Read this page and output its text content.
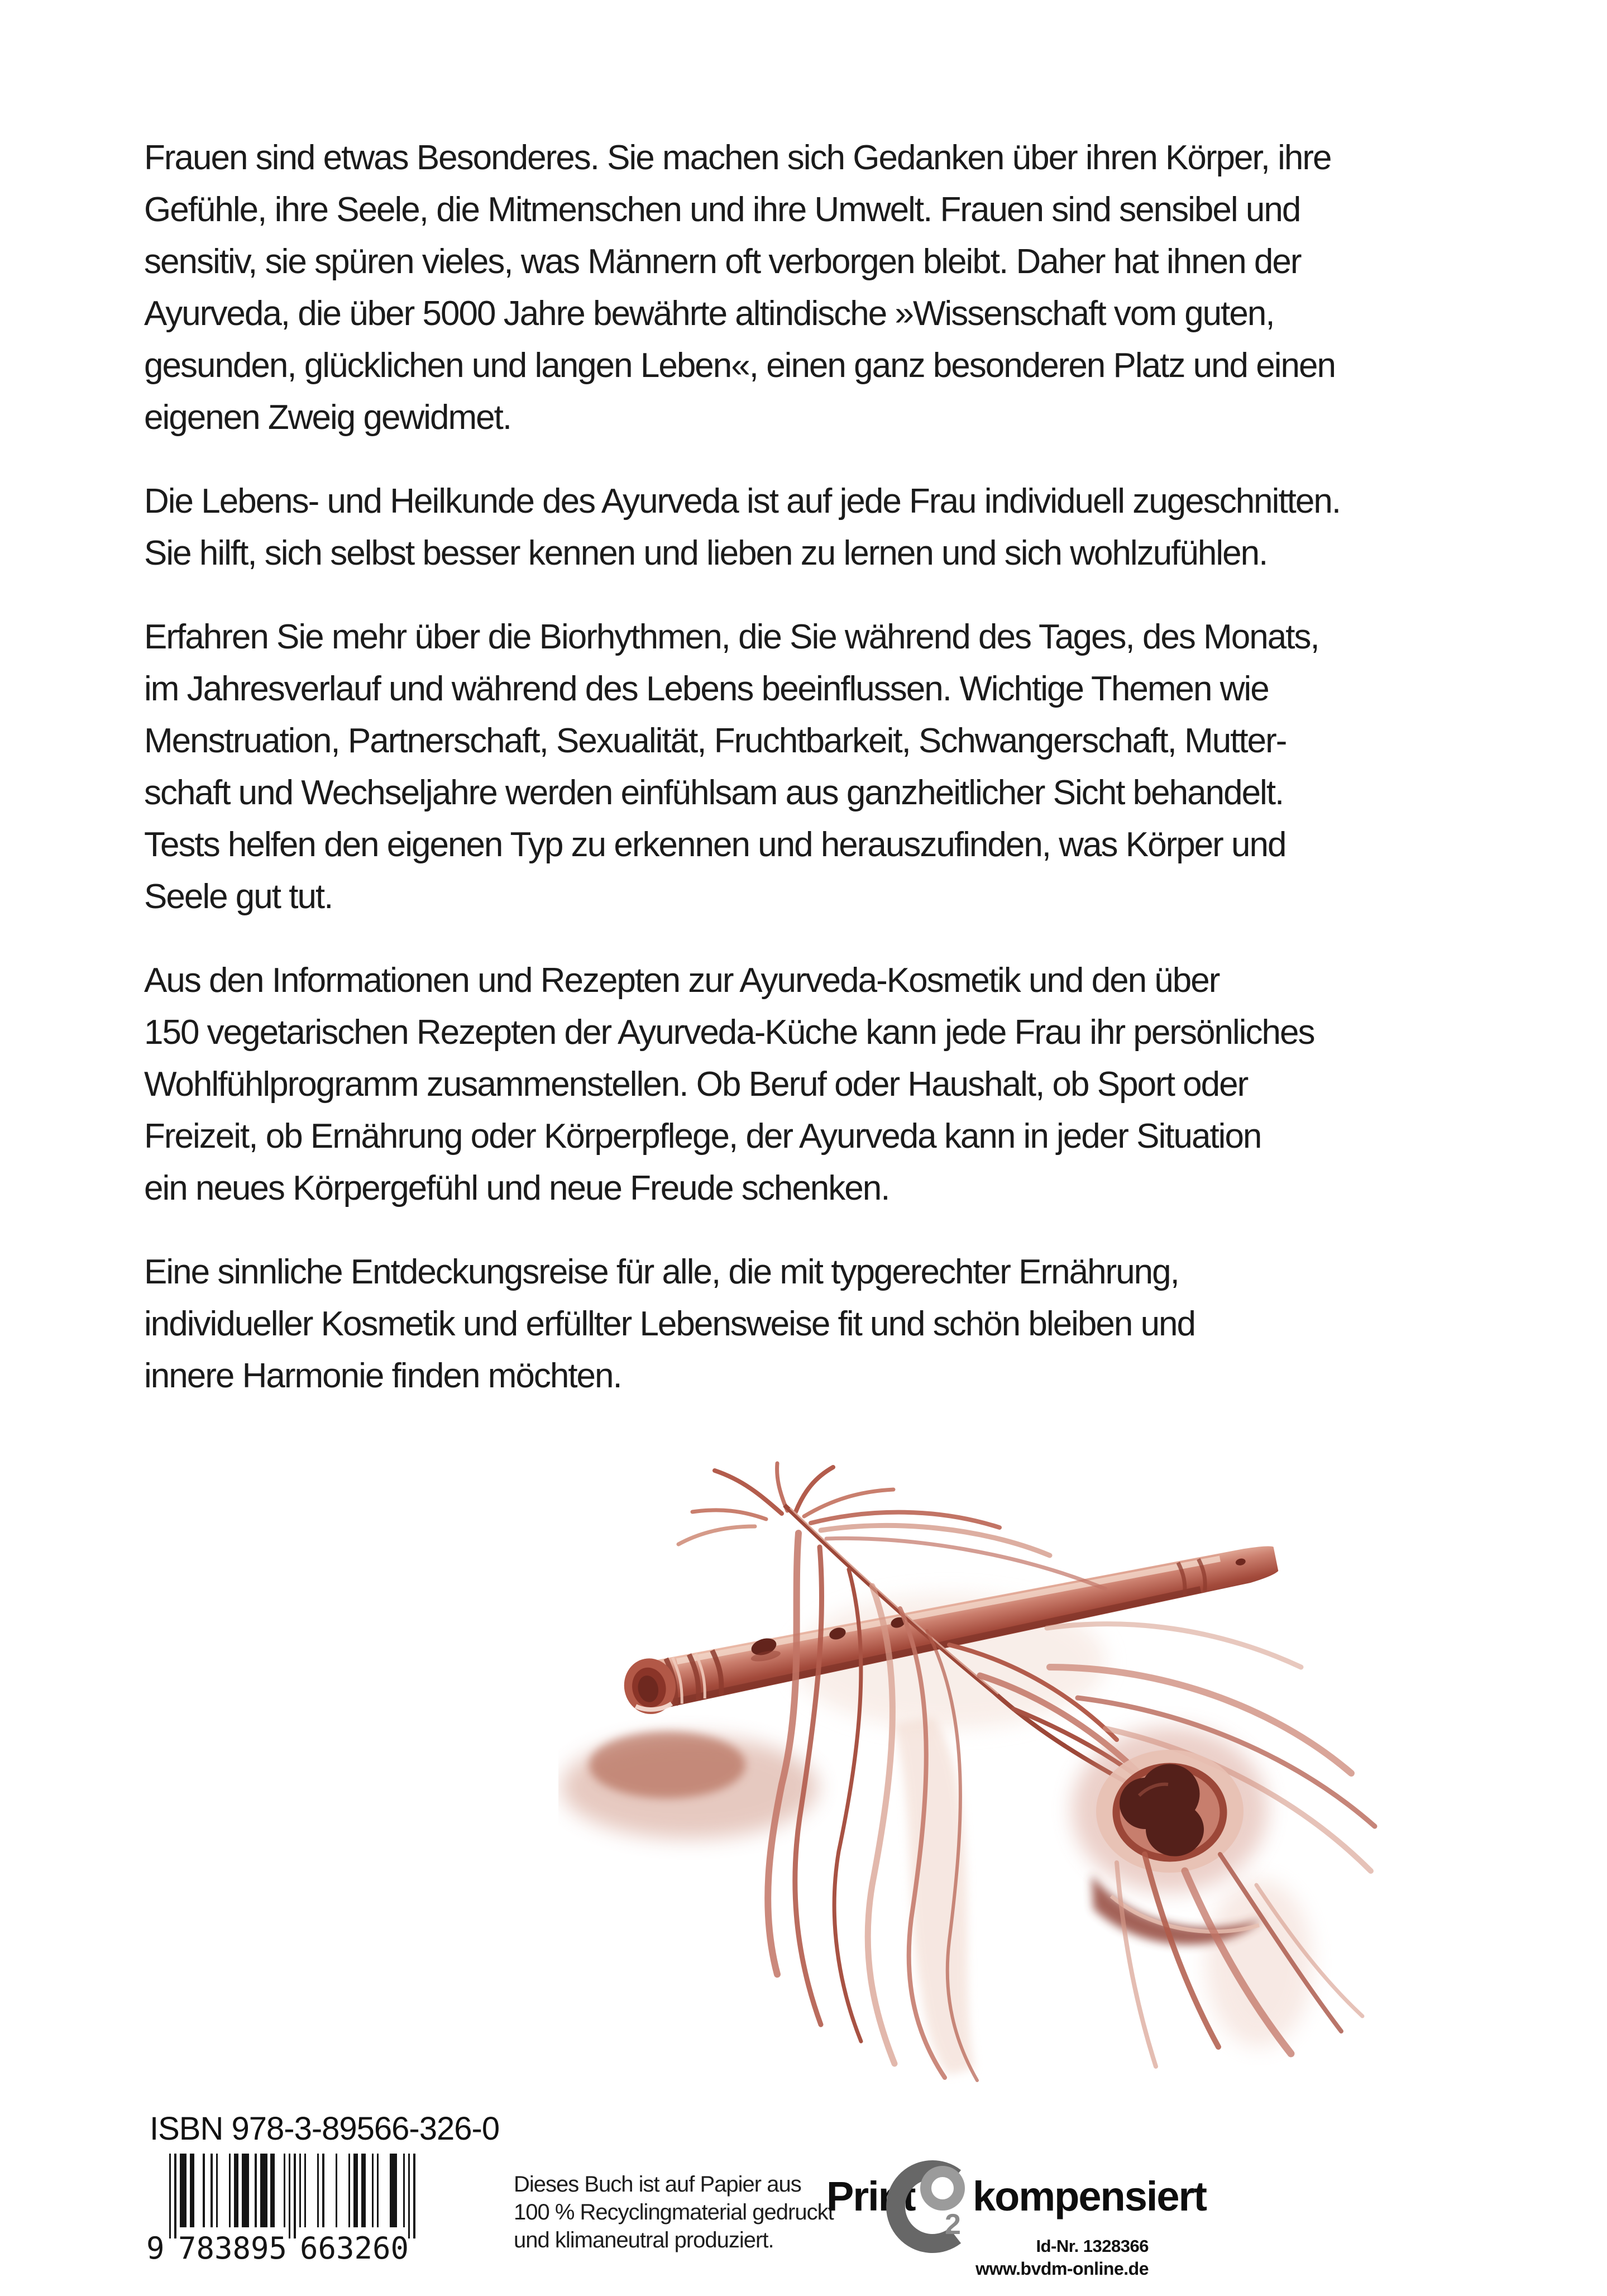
Frauen sind etwas Besonderes. Sie machen sich Gedanken über ihren Körper, ihre
Gefühle, ihre Seele, die Mitmenschen und ihre Umwelt. Frauen sind sensibel und
sensitiv, sie spüren vieles, was Männern oft verborgen bleibt. Daher hat ihnen der
Ayurveda, die über 5000 Jahre bewährte altindische »Wissenschaft vom guten,
gesunden, glücklichen und langen Leben«, einen ganz besonderen Platz und einen
eigenen Zweig gewidmet.
Die Lebens- und Heilkunde des Ayurveda ist auf jede Frau individuell zugeschnitten.
Sie hilft, sich selbst besser kennen und lieben zu lernen und sich wohlzufühlen.
Erfahren Sie mehr über die Biorhythmen, die Sie während des Tages, des Monats,
im Jahresverlauf und während des Lebens beeinflussen. Wichtige Themen wie
Menstruation, Partnerschaft, Sexualität, Fruchtbarkeit, Schwangerschaft, Mutter-
schaft und Wechseljahre werden einfühlsam aus ganzheitlicher Sicht behandelt.
Tests helfen den eigenen Typ zu erkennen und herauszufinden, was Körper und
Seele gut tut.
Aus den Informationen und Rezepten zur Ayurveda-Kosmetik und den über
150 vegetarischen Rezepten der Ayurveda-Küche kann jede Frau ihr persönliches
Wohlfühlprogramm zusammenstellen. Ob Beruf oder Haushalt, ob Sport oder
Freizeit, ob Ernährung oder Körperpflege, der Ayurveda kann in jeder Situation
ein neues Körpergefühl und neue Freude schenken.
Eine sinnliche Entdeckungsreise für alle, die mit typgerechter Ernährung,
individueller Kosmetik und erfüllter Lebensweise fit und schön bleiben und
innere Harmonie finden möchten.
ISBN 978-3-89566-326-0
9 783895 663260
Dieses Buch ist auf Papier aus
100 % Recyclingmaterial gedruckt
und klimaneutral produziert.
Print
2
kompensiert
Id-Nr. 1328366
www.bvdm-online.de
